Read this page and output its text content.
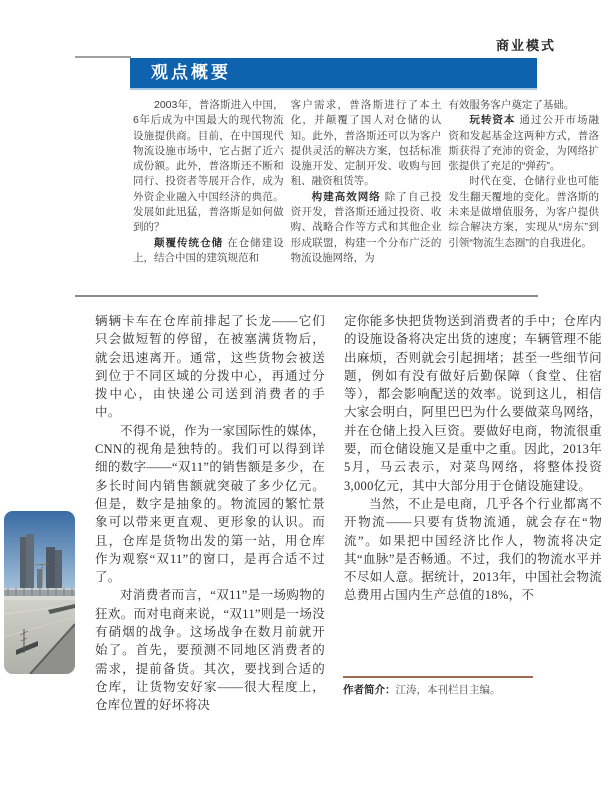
商业模式
观点概要

2003年，普洛斯进入中国，6年后成为中国最大的现代物流设施提供商。目前，在中国现代物流设施市场中，它占据了近六成份额。此外，普洛斯还不断和同行、投资者等展开合作，成为外资企业融入中国经济的典范。发展如此迅猛，普洛斯是如何做到的？

颠覆传统仓储 在仓储建设上，结合中国的建筑规范和

客户需求，普洛斯进行了本土化，并颠覆了国人对仓储的认知。此外，普洛斯还可以为客户提供灵活的解决方案，包括标准设施开发、定制开发、收购与回租、融资租赁等。

构建高效网络 除了自己投资开发，普洛斯还通过投资、收购、战略合作等方式和其他企业形成联盟，构建一个分布广泛的物流设施网络，为

有效服务客户奠定了基础。

玩转资本 通过公开市场融资和发起基金这两种方式，普洛斯获得了充沛的资金，为网络扩张提供了充足的“弹药”。

时代在变，仓储行业也可能发生翻天覆地的变化。普洛斯的未来是做增值服务，为客户提供综合解决方案，实现从“房东”到引领“物流生态圈”的自我进化。

辆辆卡车在仓库前排起了长龙——它们只会做短暂的停留，在被塞满货物后，就会迅速离开。通常，这些货物会被送到位于不同区域的分拨中心，再通过分拨中心，由快递公司送到消费者的手中。

不得不说，作为一家国际性的媒体，CNN的视角是独特的。我们可以得到详细的数字——“双11”的销售额是多少，在多长时间内销售额就突破了多少亿元。但是，数字是抽象的。物流园的繁忙景象可以带来更直观、更形象的认识。而且，仓库是货物出发的第一站，用仓库作为观察“双11”的窗口，是再合适不过了。

对消费者而言，“双11”是一场购物的狂欢。而对电商来说，“双11”则是一场没有硝烟的战争。这场战争在数月前就开始了。首先，要预测不同地区消费者的需求，提前备货。其次，要找到合适的仓库，让货物安好家——很大程度上，仓库位置的好坏将决

定你能多快把货物送到消费者的手中；仓库内的设施设备将决定出货的速度；车辆管理不能出麻烦，否则就会引起拥堵；甚至一些细节问题，例如有没有做好后勤保障（食堂、住宿等），都会影响配送的效率。说到这儿，相信大家会明白，阿里巴巴为什么要做菜鸟网络，并在仓储上投入巨资。要做好电商，物流很重要，而仓储设施又是重中之重。因此，2013年5月，马云表示，对菜鸟网络，将整体投资3,000亿元，其中大部分用于仓储设施建设。

当然，不止是电商，几乎各个行业都离不开物流——只要有货物流通，就会存在“物流”。如果把中国经济比作人，物流将决定其“血脉”是否畅通。不过，我们的物流水平并不尽如人意。据统计，2013年，中国社会物流总费用占国内生产总值的18%，不

作者简介：江涛，本刊栏目主编。
